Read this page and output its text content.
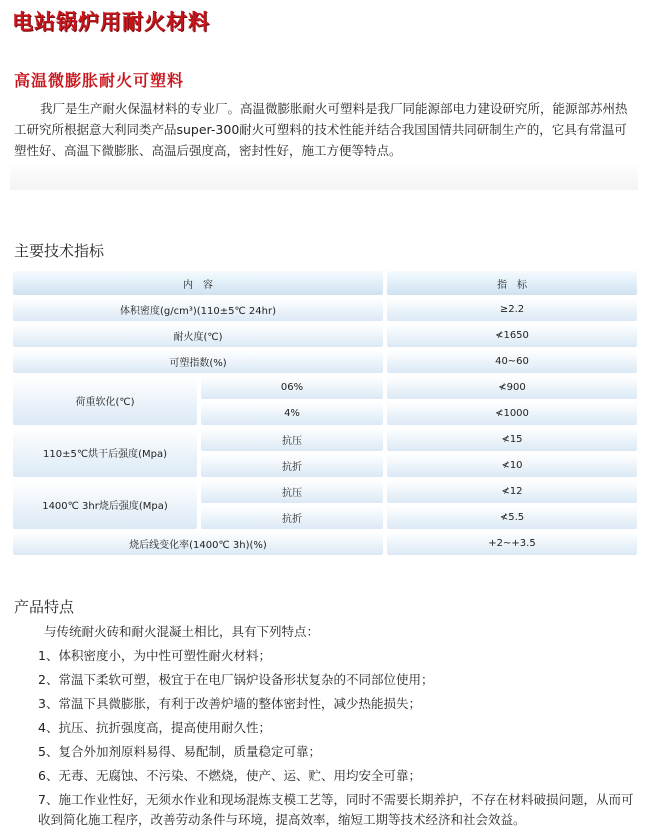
电站锅炉用耐火材料
高温微膨胀耐火可塑料
我厂是生产耐火保温材料的专业厂。高温微膨胀耐火可塑料是我厂同能源部电力建设研究所，能源部苏州热工研究所根据意大利同类产品super-300耐火可塑料的技术性能并结合我国国情共同研制生产的，它具有常温可塑性好、高温下微膨胀、高温后强度高，密封性好，施工方便等特点。
主要技术指标
内　容	指　标
体积密度(g/cm³)(110±5℃ 24hr)	≥2.2
耐火度(℃)	≮1650
可塑指数(%)	40~60
荷重软化(℃)
06%	≮900
4%	≮1000
110±5℃烘干后强度(Mpa)
抗压	≮15
抗折	≮10
1400℃ 3hr烧后强度(Mpa)
抗压	≮12
抗折	≮5.5
烧后线变化率(1400℃ 3h)(%)	+2~+3.5
产品特点

与传统耐火砖和耐火混凝土相比，具有下列特点：

1、体积密度小，为中性可塑性耐火材料；

2、常温下柔软可塑，极宜于在电厂锅炉设备形状复杂的不同部位使用；

3、常温下具微膨胀，有利于改善炉墙的整体密封性，减少热能损失；

4、抗压、抗折强度高，提高使用耐久性；

5、复合外加剂原料易得、易配制，质量稳定可靠；

6、无毒、无腐蚀、不污染、不燃烧，使产、运、贮、用均安全可靠；

7、施工作业性好，无须水作业和现场混炼支模工艺等，同时不需要长期养护，不存在材料破损问题，从而可收到简化施工程序，改善劳动条件与环境，提高效率，缩短工期等技术经济和社会效益。
